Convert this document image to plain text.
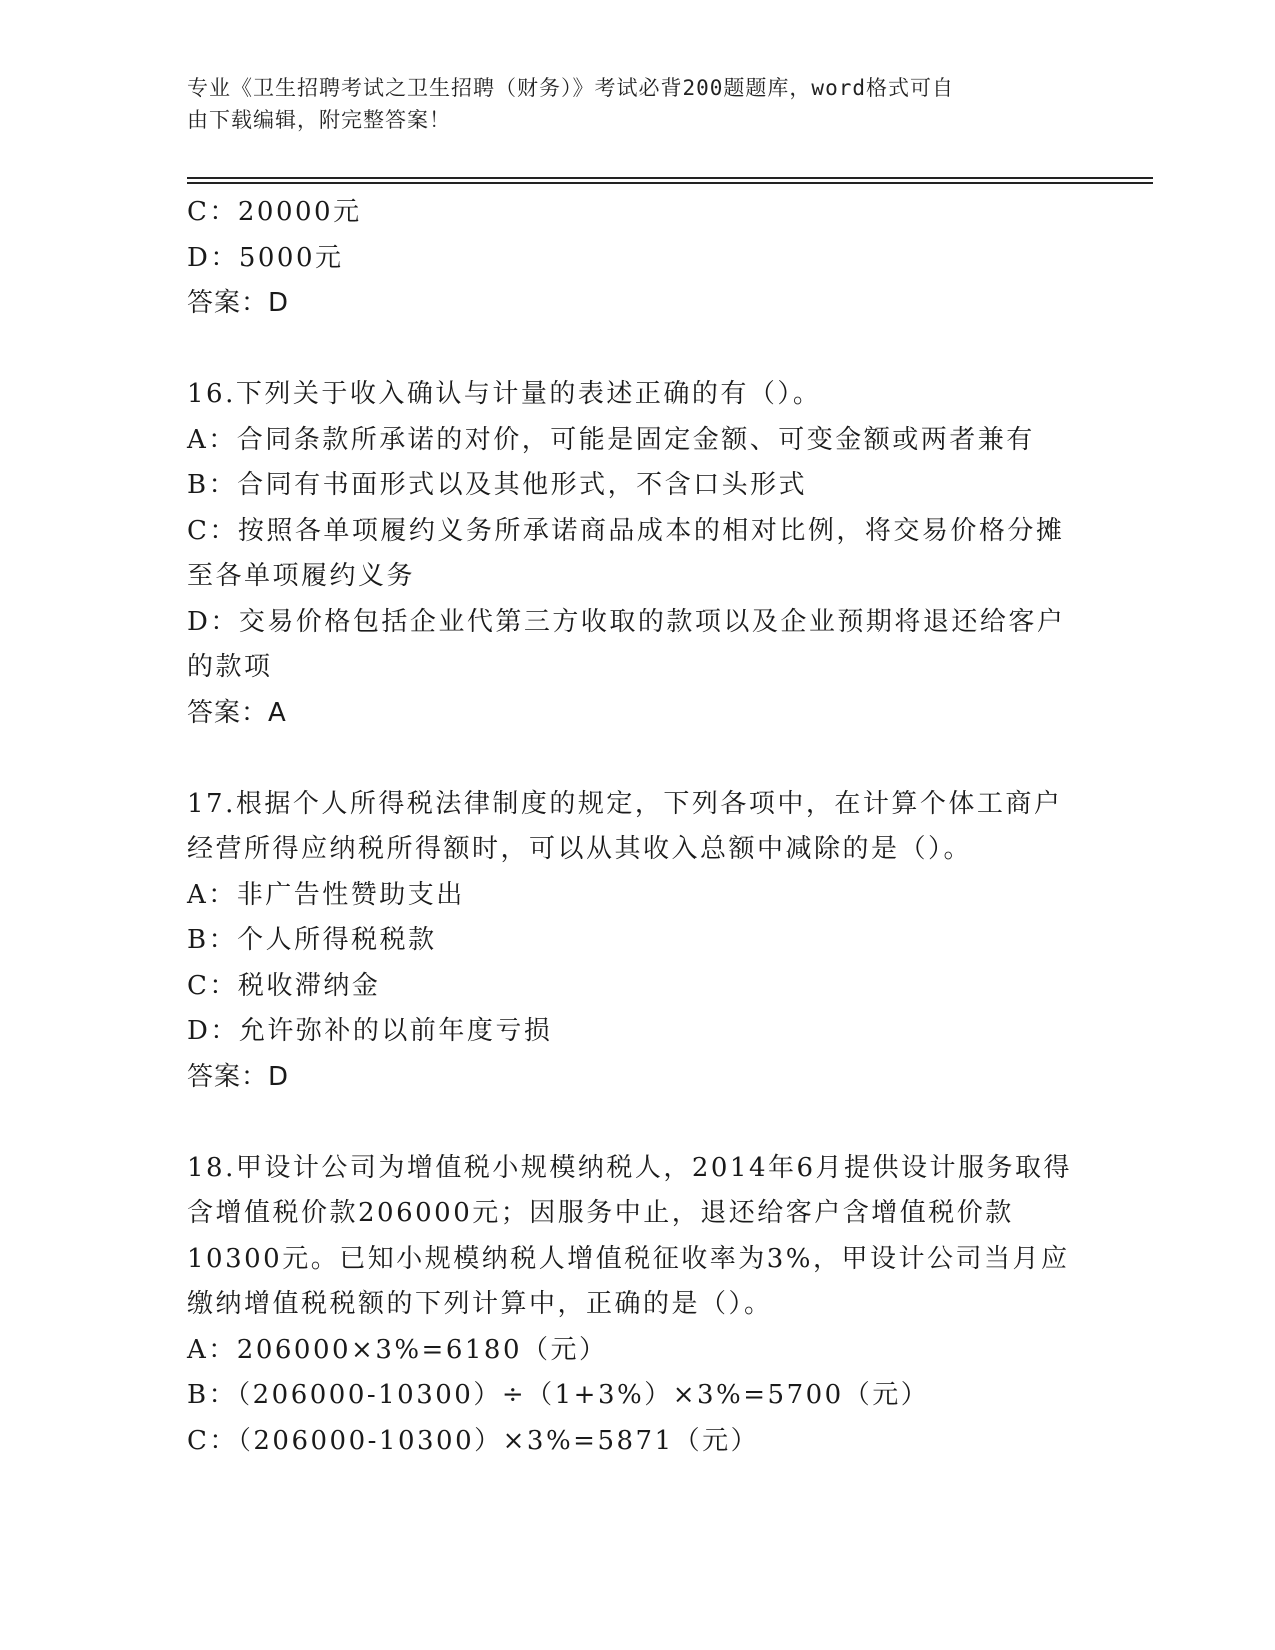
专业《卫生招聘考试之卫生招聘（财务）》考试必背200题题库，word格式可自
由下载编辑，附完整答案！
C：20000元
D：5000元
答案：D
16.下列关于收入确认与计量的表述正确的有（）。
A：合同条款所承诺的对价，可能是固定金额、可变金额或两者兼有
B：合同有书面形式以及其他形式，不含口头形式
C：按照各单项履约义务所承诺商品成本的相对比例，将交易价格分摊
至各单项履约义务
D：交易价格包括企业代第三方收取的款项以及企业预期将退还给客户
的款项
答案：A
17.根据个人所得税法律制度的规定，下列各项中，在计算个体工商户
经营所得应纳税所得额时，可以从其收入总额中减除的是（）。
A：非广告性赞助支出
B：个人所得税税款
C：税收滞纳金
D：允许弥补的以前年度亏损
答案：D
18.甲设计公司为增值税小规模纳税人，2014年6月提供设计服务取得
含增值税价款206000元；因服务中止，退还给客户含增值税价款
10300元。已知小规模纳税人增值税征收率为3%，甲设计公司当月应
缴纳增值税税额的下列计算中，正确的是（）。
A：206000×3%=6180（元）
B：（206000-10300）÷（1+3%）×3%=5700（元）
C：（206000-10300）×3%=5871（元）
